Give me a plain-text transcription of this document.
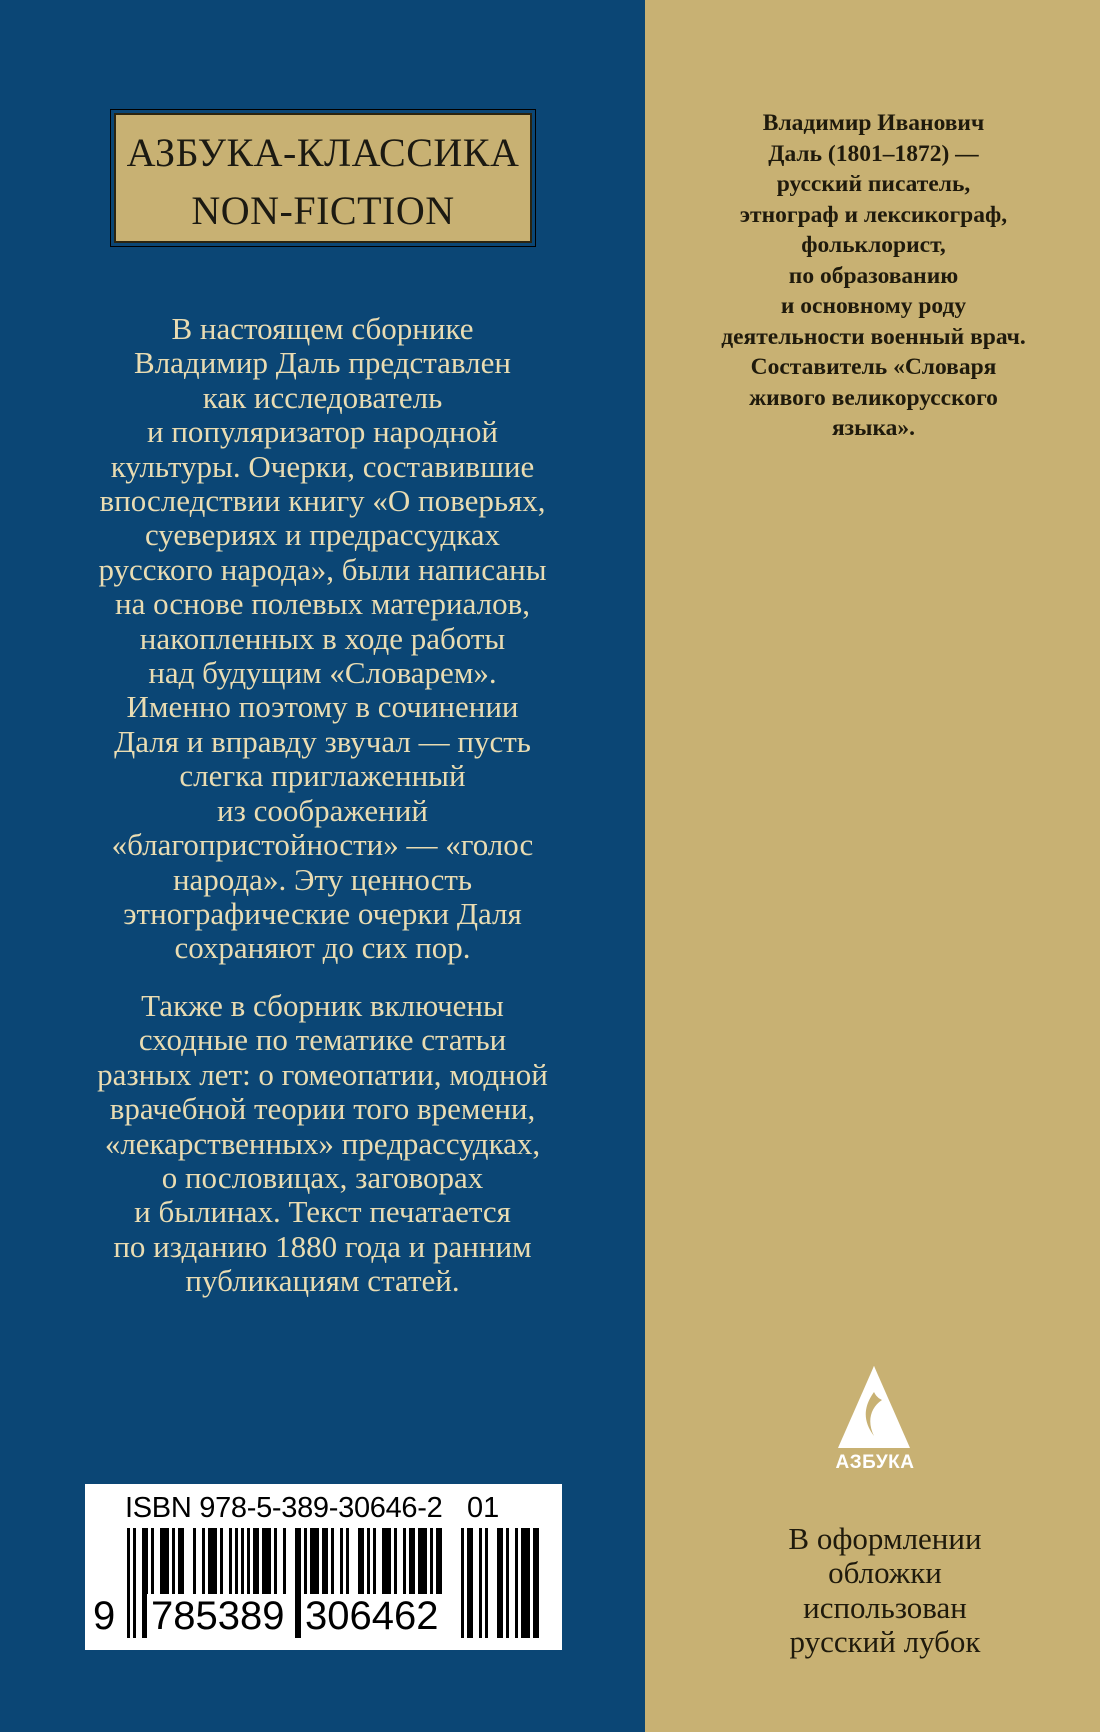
АЗБУКА-КЛАССИКА
NON-FICTION

В настоящем сборнике
Владимир Даль представлен
как исследователь
и популяризатор народной
культуры. Очерки, составившие
впоследствии книгу «О поверьях,
суевериях и предрассудках
русского народа», были написаны
на основе полевых материалов,
накопленных в ходе работы
над будущим «Словарем».
Именно поэтому в сочинении
Даля и вправду звучал — пусть
слегка приглаженный
из соображений
«благопристойности» — «голос
народа». Эту ценность
этнографические очерки Даля
сохраняют до сих пор.

Также в сборник включены
сходные по тематике статьи
разных лет: о гомеопатии, модной
врачебной теории того времени,
«лекарственных» предрассудках,
о пословицах, заговорах
и былинах. Текст печатается
по изданию 1880 года и ранним
публикациям статей.

ISBN 978-5-389-30646-2 01
9 785389 306462

Владимир Иванович
Даль (1801–1872) —
русский писатель,
этнограф и лексикограф,
фольклорист,
по образованию
и основному роду
деятельности военный врач.
Составитель «Словаря
живого великорусского
языка».

АЗБУКА

В оформлении
обложки
использован
русский лубок
